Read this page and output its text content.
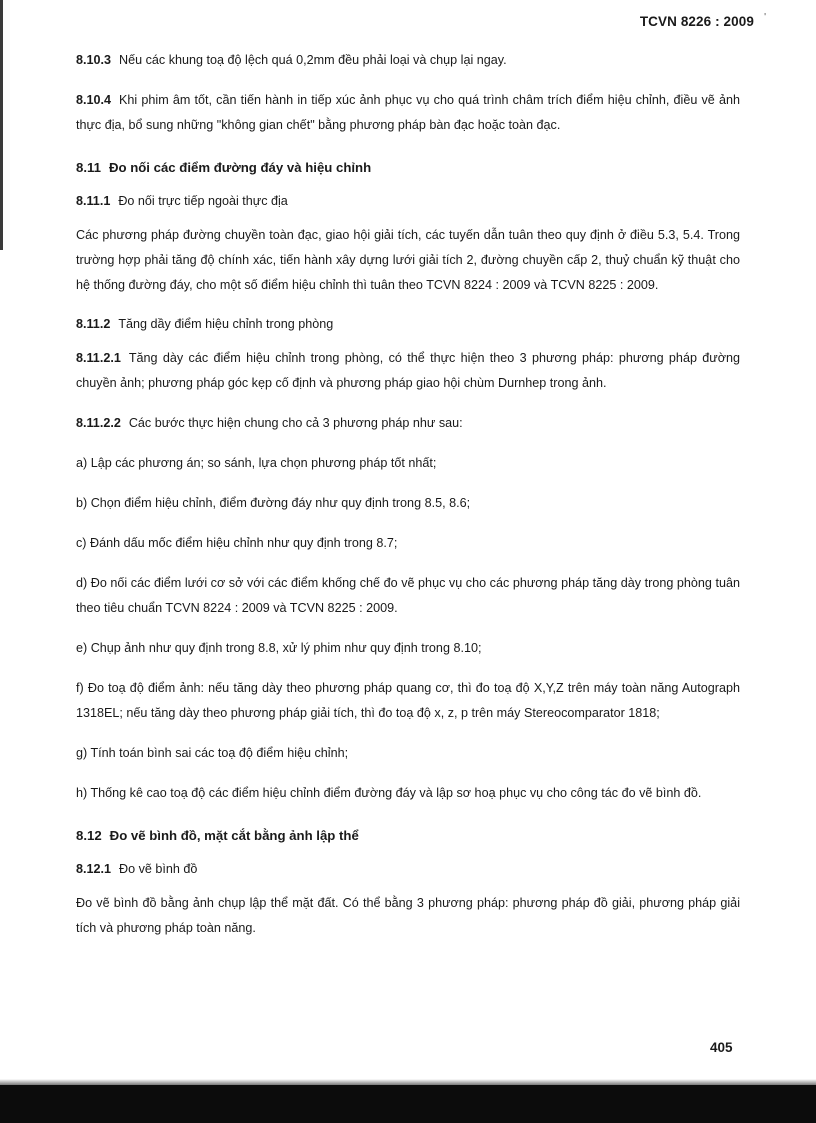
TCVN 8226 : 2009 '
8.10.3 Nếu các khung toạ độ lệch quá 0,2mm đều phải loại và chụp lại ngay.
8.10.4 Khi phim âm tốt, cần tiến hành in tiếp xúc ảnh phục vụ cho quá trình châm trích điểm hiệu chỉnh, điều vẽ ảnh thực địa, bổ sung những "không gian chết" bằng phương pháp bàn đạc hoặc toàn đạc.
8.11 Đo nối các điểm đường đáy và hiệu chỉnh
8.11.1 Đo nối trực tiếp ngoài thực địa
Các phương pháp đường chuyền toàn đạc, giao hội giải tích, các tuyến dẫn tuân theo quy định ở điều 5.3, 5.4. Trong trường hợp phải tăng độ chính xác, tiến hành xây dựng lưới giải tích 2, đường chuyền cấp 2, thuỷ chuẩn kỹ thuật cho hệ thống đường đáy, cho một số điểm hiệu chỉnh thì tuân theo TCVN 8224 : 2009 và TCVN 8225 : 2009.
8.11.2 Tăng dầy điểm hiệu chỉnh trong phòng
8.11.2.1 Tăng dày các điểm hiệu chỉnh trong phòng, có thể thực hiện theo 3 phương pháp: phương pháp đường chuyền ảnh; phương pháp góc kẹp cố định và phương pháp giao hội chùm Durnhep trong ảnh.
8.11.2.2 Các bước thực hiện chung cho cả 3 phương pháp như sau:
a) Lập các phương án; so sánh, lựa chọn phương pháp tốt nhất;
b) Chọn điểm hiệu chỉnh, điểm đường đáy như quy định trong 8.5, 8.6;
c) Đánh dấu mốc điểm hiệu chỉnh như quy định trong 8.7;
d) Đo nối các điểm lưới cơ sở với các điểm khống chế đo vẽ phục vụ cho các phương pháp tăng dày trong phòng tuân theo tiêu chuẩn TCVN 8224 : 2009 và TCVN 8225 : 2009.
e) Chụp ảnh như quy định trong 8.8, xử lý phim như quy định trong 8.10;
f) Đo toạ độ điểm ảnh: nếu tăng dày theo phương pháp quang cơ, thì đo toạ độ X,Y,Z trên máy toàn năng Autograph 1318EL; nếu tăng dày theo phương pháp giải tích, thì đo toạ độ x, z, p trên máy Stereocomparator 1818;
g) Tính toán bình sai các toạ độ điểm hiệu chỉnh;
h) Thống kê cao toạ độ các điểm hiệu chỉnh điểm đường đáy và lập sơ hoạ phục vụ cho công tác đo vẽ bình đồ.
8.12 Đo vẽ bình đồ, mặt cắt bằng ảnh lập thể
8.12.1 Đo vẽ bình đồ
Đo vẽ bình đồ bằng ảnh chụp lập thể mặt đất. Có thể bằng 3 phương pháp: phương pháp đồ giải, phương pháp giải tích và phương pháp toàn năng.
405
